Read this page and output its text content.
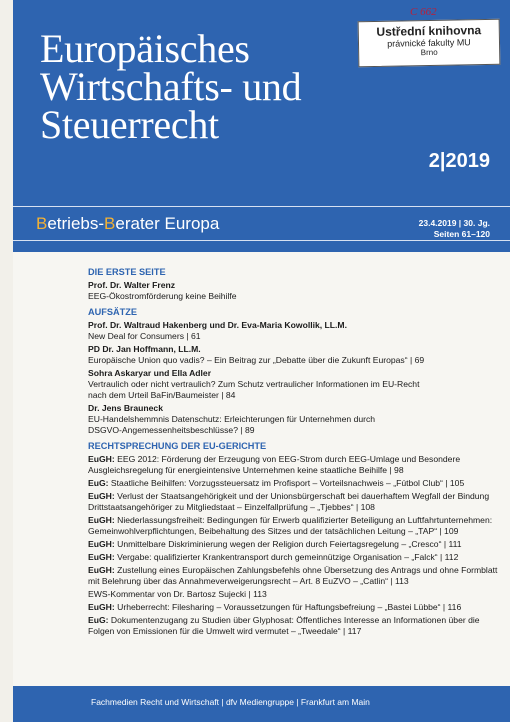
Europäisches
Wirtschafts- und
Steuerrecht
2|2019
Betriebs-Berater Europa	23.4.2019 | 30. Jg.
Seiten 61–120
C 662
Ustřední knihovna
právnické fakulty MU
Brno
DIE ERSTE SEITE
Prof. Dr. Walter Frenz
EEG-Ökostromförderung keine Beihilfe
AUFSÄTZE
Prof. Dr. Waltraud Hakenberg und Dr. Eva-Maria Kowollik, LL.M.
New Deal for Consumers | 61
PD Dr. Jan Hoffmann, LL.M.
Europäische Union quo vadis? – Ein Beitrag zur „Debatte über die Zukunft Europas“ | 69
Sohra Askaryar und Ella Adler
Vertraulich oder nicht vertraulich? Zum Schutz vertraulicher Informationen im EU-Recht
nach dem Urteil BaFin/Baumeister | 84
Dr. Jens Brauneck
EU-Handelshemmnis Datenschutz: Erleichterungen für Unternehmen durch
DSGVO-Angemessenheitsbeschlüsse? | 89
RECHTSPRECHUNG DER EU-GERICHTE
EuGH: EEG 2012: Förderung der Erzeugung von EEG-Strom durch EEG-Umlage und Besondere
Ausgleichsregelung für energieintensive Unternehmen keine staatliche Beihilfe | 98
EuG: Staatliche Beihilfen: Vorzugssteuersatz im Profisport – Vorteilsnachweis – „Fútbol Club“ | 105
EuGH: Verlust der Staatsangehörigkeit und der Unionsbürgerschaft bei dauerhaftem Wegfall der Bindung
Drittstaatsangehöriger zu Mitgliedstaat – Einzelfallprüfung – „Tjebbes“ | 108
EuGH: Niederlassungsfreiheit: Bedingungen für Erwerb qualifizierter Beteiligung an Luftfahrtunternehmen:
Gemeinwohlverpflichtungen, Beibehaltung des Sitzes und der tatsächlichen Leitung – „TAP“ | 109
EuGH: Unmittelbare Diskriminierung wegen der Religion durch Feiertagsregelung – „Cresco“ | 111
EuGH: Vergabe: qualifizierter Krankentransport durch gemeinnützige Organisation – „Falck“ | 112
EuGH: Zustellung eines Europäischen Zahlungsbefehls ohne Übersetzung des Antrags und ohne Formblatt
mit Belehrung über das Annahmeverweigerungsrecht – Art. 8 EuZVO – „Catlin“ | 113
EWS-Kommentar von Dr. Bartosz Sujecki | 113
EuGH: Urheberrecht: Filesharing – Voraussetzungen für Haftungsbefreiung – „Bastei Lübbe“ | 116
EuG: Dokumentenzugang zu Studien über Glyphosat: Öffentliches Interesse an Informationen über die
Folgen von Emissionen für die Umwelt wird vermutet – „Tweedale“ | 117
Fachmedien Recht und Wirtschaft | dfv Mediengruppe | Frankfurt am Main
